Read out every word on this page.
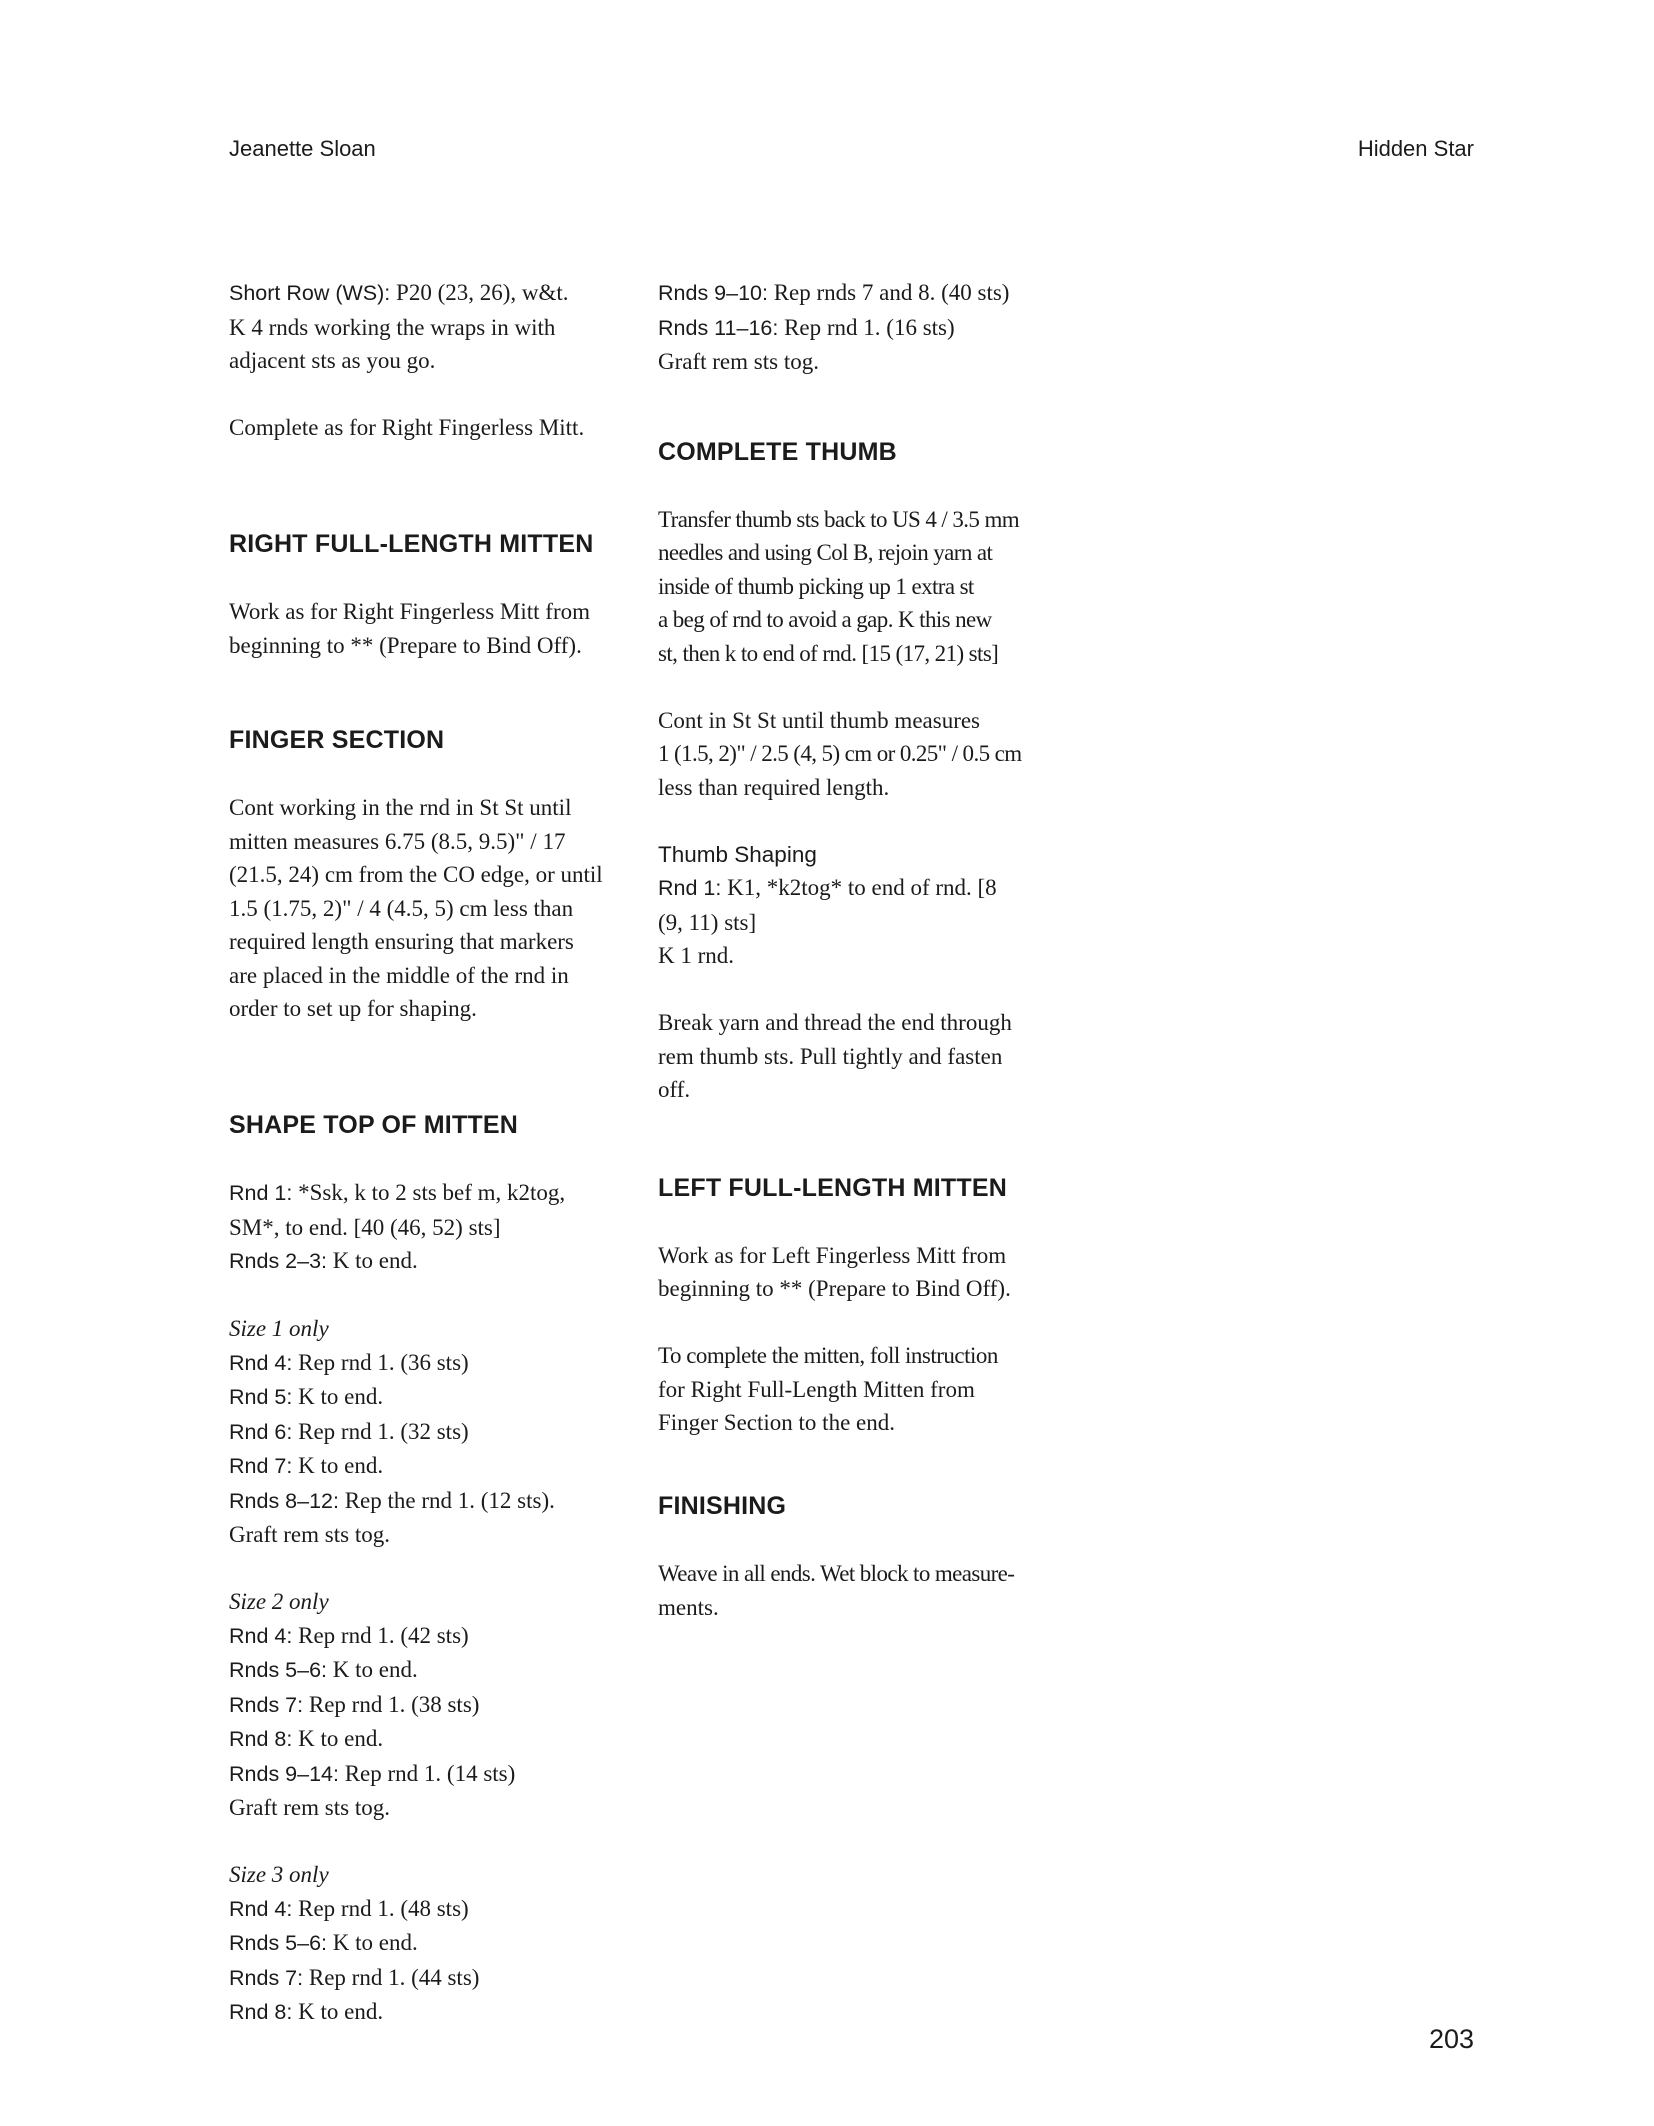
Jeanette Sloan	Hidden Star

Short Row (WS): P20 (23, 26), w&t.
K 4 rnds working the wraps in with
adjacent sts as you go.

Complete as for Right Fingerless Mitt.

RIGHT FULL-LENGTH MITTEN

Work as for Right Fingerless Mitt from
beginning to ** (Prepare to Bind Off).

FINGER SECTION

Cont working in the rnd in St St until
mitten measures 6.75 (8.5, 9.5)" / 17
(21.5, 24) cm from the CO edge, or until
1.5 (1.75, 2)" / 4 (4.5, 5) cm less than
required length ensuring that markers
are placed in the middle of the rnd in
order to set up for shaping.

SHAPE TOP OF MITTEN

Rnd 1: *Ssk, k to 2 sts bef m, k2tog,
SM*, to end. [40 (46, 52) sts]
Rnds 2–3: K to end.

Size 1 only
Rnd 4: Rep rnd 1. (36 sts)
Rnd 5: K to end.
Rnd 6: Rep rnd 1. (32 sts)
Rnd 7: K to end.
Rnds 8–12: Rep the rnd 1. (12 sts).
Graft rem sts tog.

Size 2 only
Rnd 4: Rep rnd 1. (42 sts)
Rnds 5–6: K to end.
Rnds 7: Rep rnd 1. (38 sts)
Rnd 8: K to end.
Rnds 9–14: Rep rnd 1. (14 sts)
Graft rem sts tog.

Size 3 only
Rnd 4: Rep rnd 1. (48 sts)
Rnds 5–6: K to end.
Rnds 7: Rep rnd 1. (44 sts)
Rnd 8: K to end.

Rnds 9–10: Rep rnds 7 and 8. (40 sts)
Rnds 11–16: Rep rnd 1. (16 sts)
Graft rem sts tog.

COMPLETE THUMB

Transfer thumb sts back to US 4 / 3.5 mm
needles and using Col B, rejoin yarn at
inside of thumb picking up 1 extra st
a beg of rnd to avoid a gap. K this new
st, then k to end of rnd. [15 (17, 21) sts]

Cont in St St until thumb measures
1 (1.5, 2)" / 2.5 (4, 5) cm or 0.25" / 0.5 cm
less than required length.

Thumb Shaping
Rnd 1: K1, *k2tog* to end of rnd. [8
(9, 11) sts]
K 1 rnd.

Break yarn and thread the end through
rem thumb sts. Pull tightly and fasten
off.

LEFT FULL-LENGTH MITTEN

Work as for Left Fingerless Mitt from
beginning to ** (Prepare to Bind Off).

To complete the mitten, foll instruction
for Right Full-Length Mitten from
Finger Section to the end.

FINISHING

Weave in all ends. Wet block to measure-
ments.

203
